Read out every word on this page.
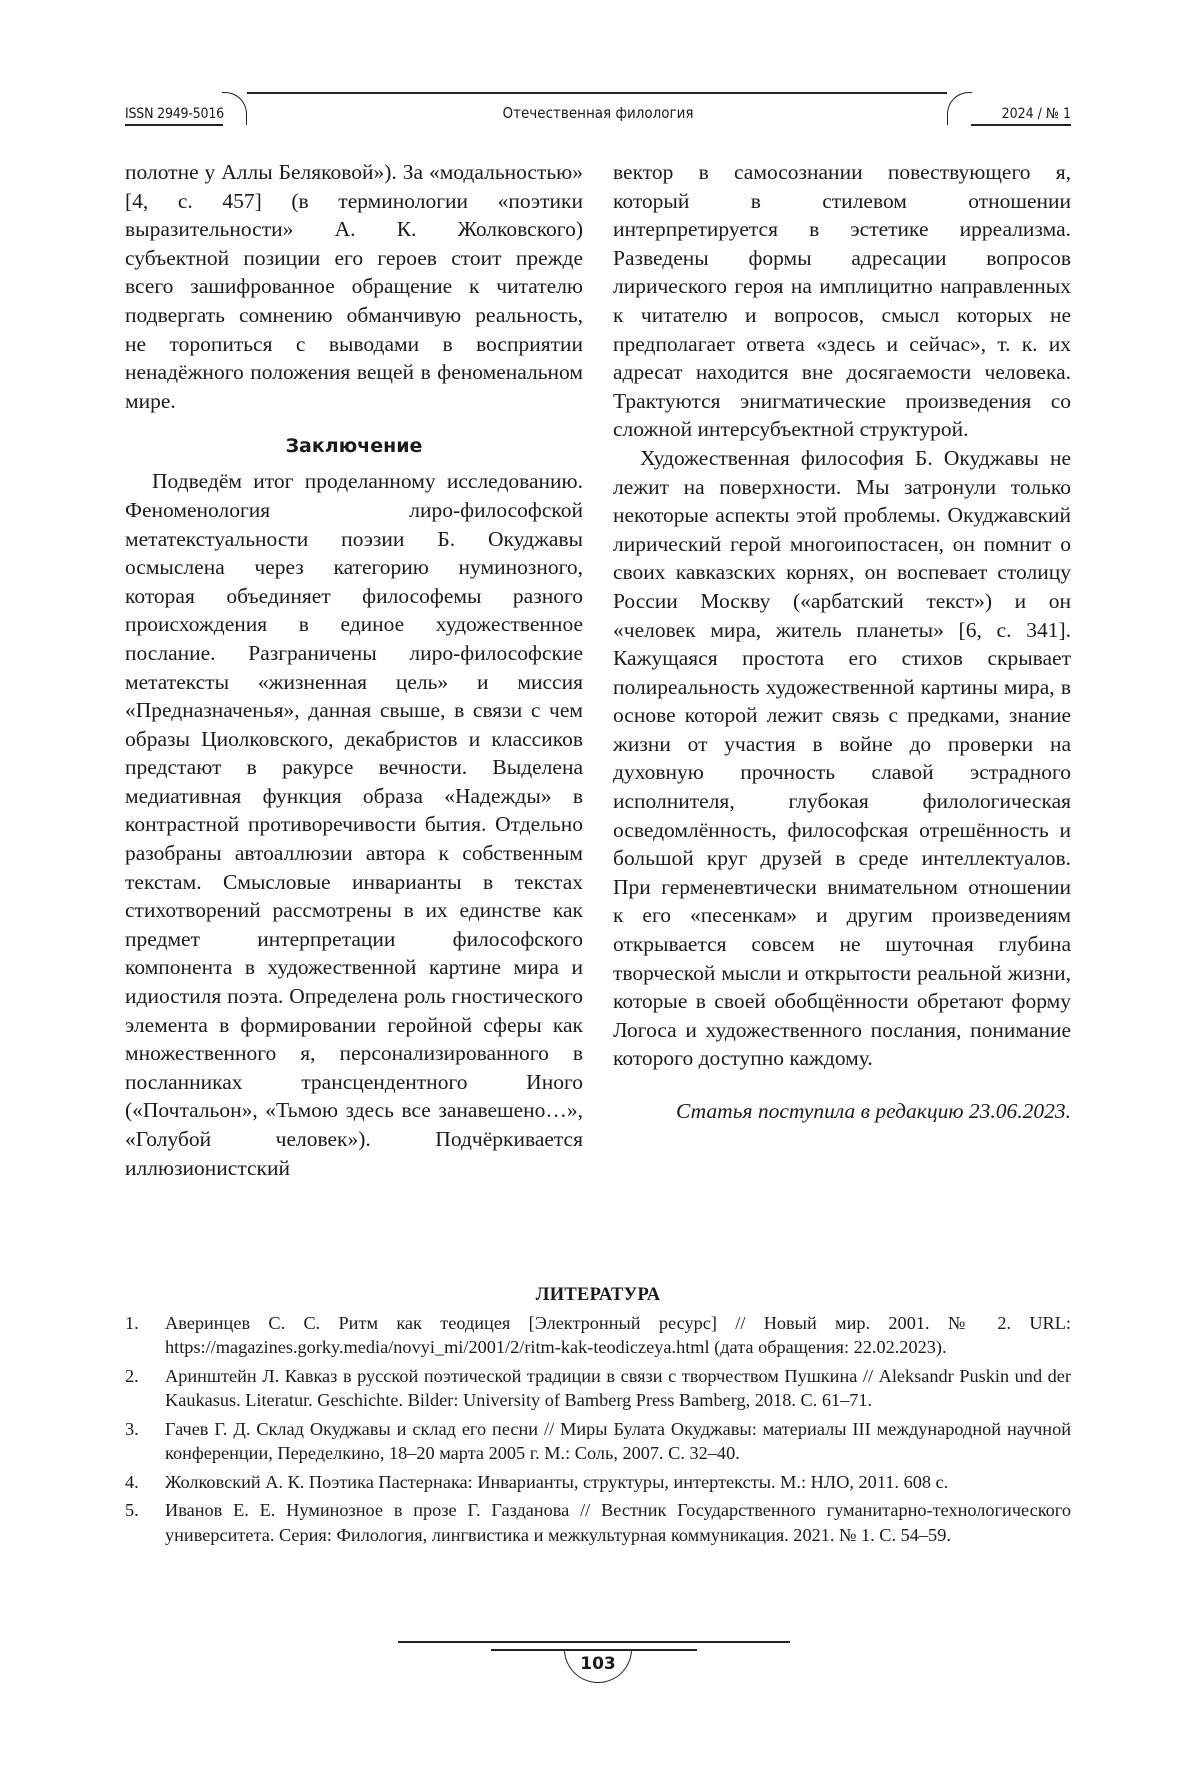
ISSN 2949-5016	Отечественная филология	2024 / № 1

полотне у Аллы Беляковой»). За «модальностью» [4, с. 457] (в терминологии «поэтики выразительности» А. К. Жолковского) субъектной позиции его героев стоит прежде всего зашифрованное обращение к читателю подвергать сомнению обманчивую реальность, не торопиться с выводами в восприятии ненадёжного положения вещей в феноменальном мире.

Заключение

Подведём итог проделанному исследованию. Феноменология лиро-философской метатекстуальности поэзии Б. Окуджавы осмыслена через категорию нуминозного, которая объединяет философемы разного происхождения в единое художественное послание. Разграничены лиро-философские метатексты «жизненная цель» и миссия «Предназначенья», данная свыше, в связи с чем образы Циолковского, декабристов и классиков предстают в ракурсе вечности. Выделена медиативная функция образа «Надежды» в контрастной противоречивости бытия. Отдельно разобраны автоаллюзии автора к собственным текстам. Смысловые инварианты в текстах стихотворений рассмотрены в их единстве как предмет интерпретации философского компонента в художественной картине мира и идиостиля поэта. Определена роль гностического элемента в формировании геройной сферы как множественного я, персонализированного в посланниках трансцендентного Иного («Почтальон», «Тьмою здесь все занавешено…», «Голубой человек»). Подчёркивается иллюзионистский

вектор в самосознании повествующего я, который в стилевом отношении интерпретируется в эстетике ирреализма. Разведены формы адресации вопросов лирического героя на имплицитно направленных к читателю и вопросов, смысл которых не предполагает ответа «здесь и сейчас», т. к. их адресат находится вне досягаемости человека. Трактуются энигматические произведения со сложной интерсубъектной структурой.

Художественная философия Б. Окуджавы не лежит на поверхности. Мы затронули только некоторые аспекты этой проблемы. Окуджавский лирический герой многоипостасен, он помнит о своих кавказских корнях, он воспевает столицу России Москву («арбатский текст») и он «человек мира, житель планеты» [6, с. 341]. Кажущаяся простота его стихов скрывает полиреальность художественной картины мира, в основе которой лежит связь с предками, знание жизни от участия в войне до проверки на духовную прочность славой эстрадного исполнителя, глубокая филологическая осведомлённость, философская отрешённость и большой круг друзей в среде интеллектуалов. При герменевтически внимательном отношении к его «песенкам» и другим произведениям открывается совсем не шуточная глубина творческой мысли и открытости реальной жизни, которые в своей обобщённости обретают форму Логоса и художественного послания, понимание которого доступно каждому.

Статья поступила в редакцию 23.06.2023.
ЛИТЕРАТУРА
1. Аверинцев С. С. Ритм как теодицея [Электронный ресурс] // Новый мир. 2001. № 2. URL: https://magazines.gorky.media/novyi_mi/2001/2/ritm-kak-teodiczeya.html (дата обращения: 22.02.2023).
2. Аринштейн Л. Кавказ в русской поэтической традиции в связи с творчеством Пушкина // Aleksandr Puskin und der Kaukasus. Literatur. Geschichte. Bilder: University of Bamberg Press Bamberg, 2018. С. 61–71.
3. Гачев Г. Д. Склад Окуджавы и склад его песни // Миры Булата Окуджавы: материалы III международной научной конференции, Переделкино, 18–20 марта 2005 г. М.: Соль, 2007. С. 32–40.
4. Жолковский А. К. Поэтика Пастернака: Инварианты, структуры, интертексты. М.: НЛО, 2011. 608 с.
5. Иванов Е. Е. Нуминозное в прозе Г. Газданова // Вестник Государственного гуманитарно-технологического университета. Серия: Филология, лингвистика и межкультурная коммуникация. 2021. № 1. С. 54–59.
103
